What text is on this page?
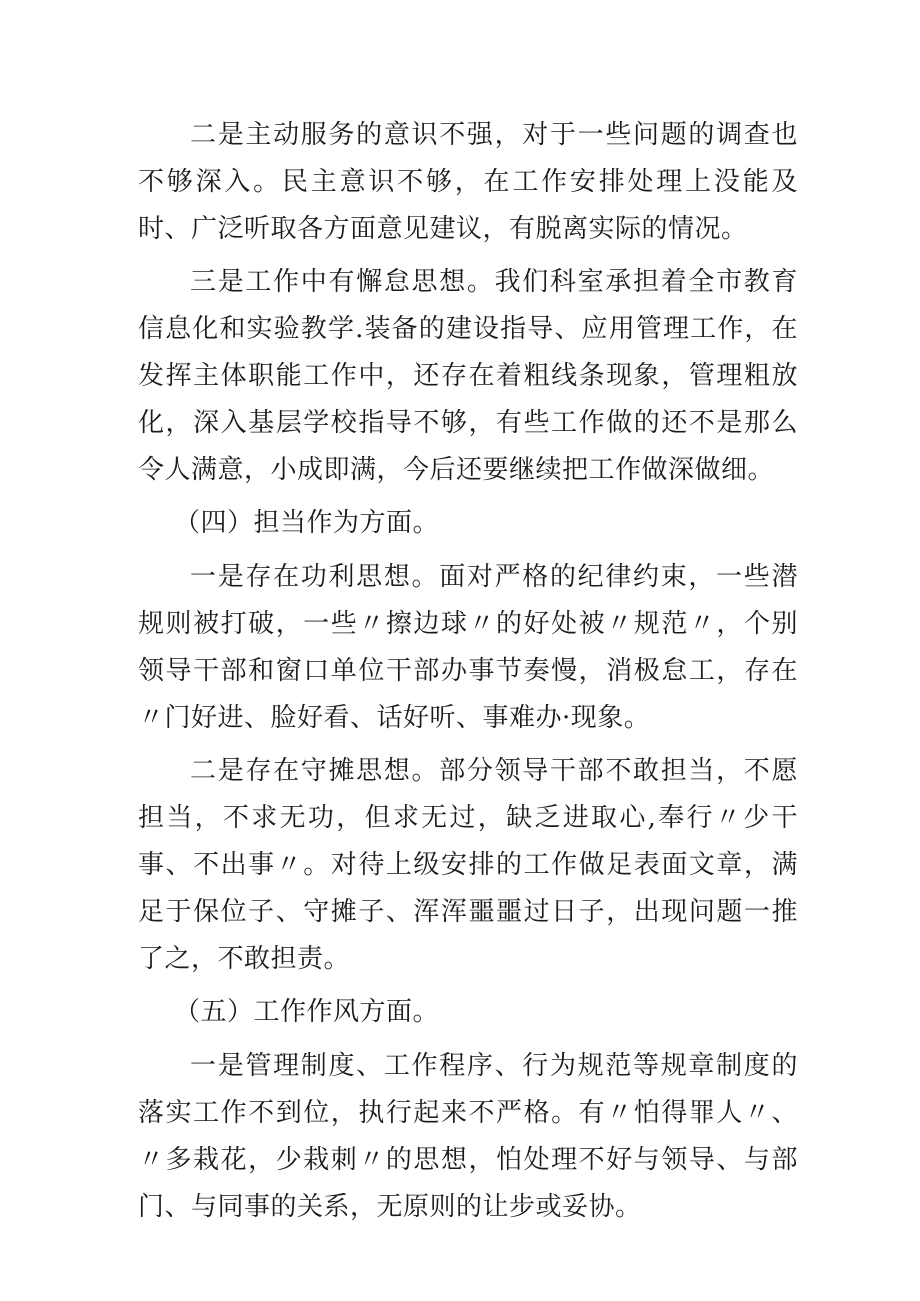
二是主动服务的意识不强，对于一些问题的调查也不够深入。民主意识不够，在工作安排处理上没能及时、广泛听取各方面意见建议，有脱离实际的情况。

三是工作中有懈怠思想。我们科室承担着全市教育信息化和实验教学.装备的建设指导、应用管理工作，在发挥主体职能工作中，还存在着粗线条现象，管理粗放化，深入基层学校指导不够，有些工作做的还不是那么令人满意，小成即满，今后还要继续把工作做深做细。

（四）担当作为方面。

一是存在功利思想。面对严格的纪律约束，一些潜规则被打破，一些〃擦边球〃的好处被〃规范〃，个别领导干部和窗口单位干部办事节奏慢，消极怠工，存在〃门好进、脸好看、话好听、事难办·现象。

二是存在守摊思想。部分领导干部不敢担当，不愿担当，不求无功，但求无过，缺乏进取心,奉行〃少干事、不出事〃。对待上级安排的工作做足表面文章，满足于保位子、守摊子、浑浑噩噩过日子，出现问题一推了之，不敢担责。

（五）工作作风方面。

一是管理制度、工作程序、行为规范等规章制度的落实工作不到位，执行起来不严格。有〃怕得罪人〃、〃多栽花，少栽刺〃的思想，怕处理不好与领导、与部门、与同事的关系，无原则的让步或妥协。
